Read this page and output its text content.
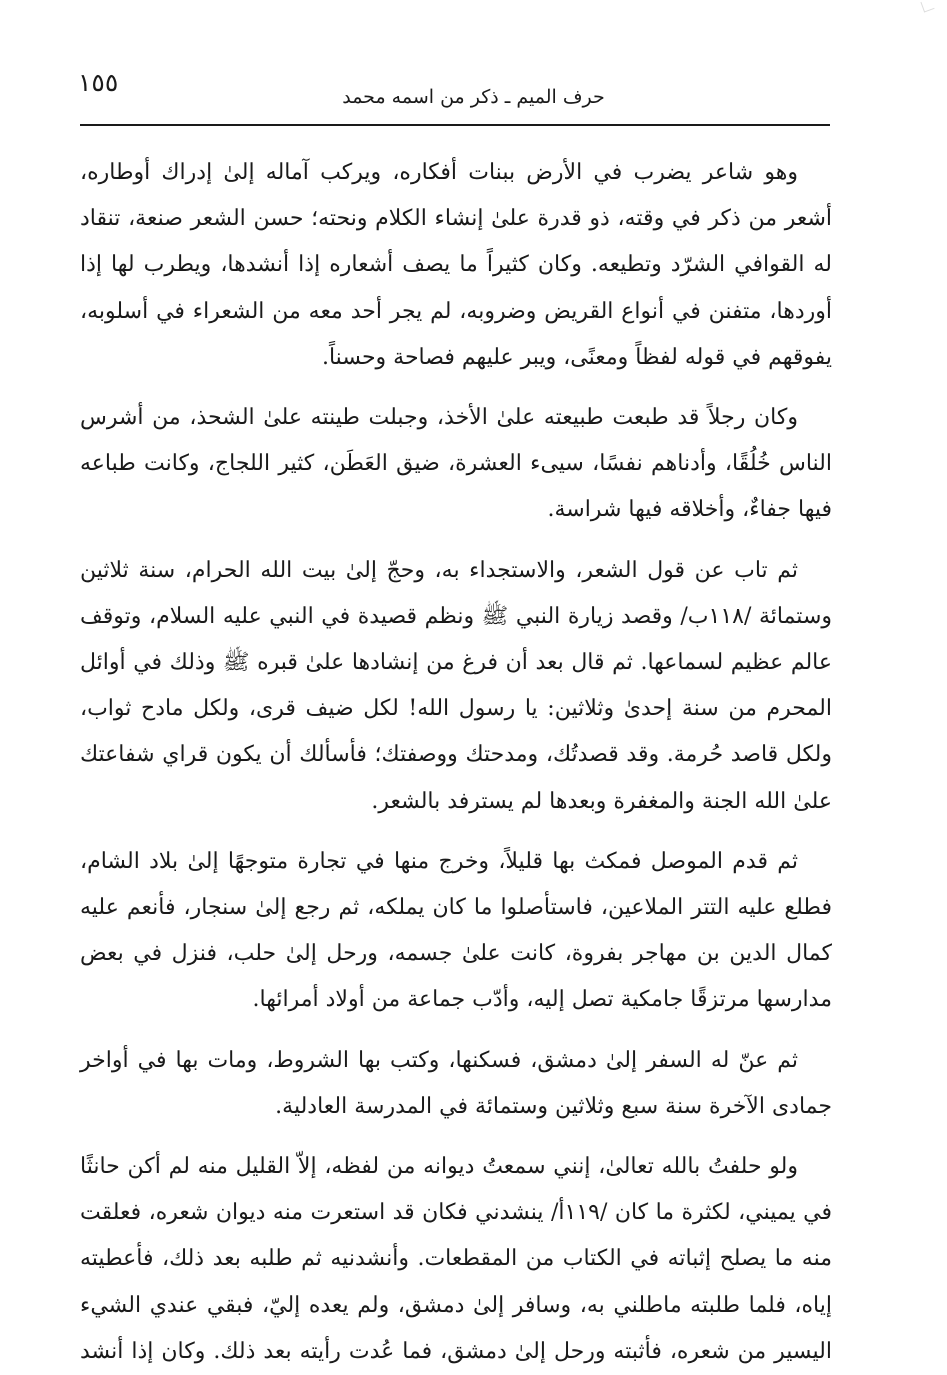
١٥٥	حرف الميم ـ ذكر من اسمه محمد

وهو شاعر يضرب في الأرض ببنات أفكاره، ويركب آماله إلىٰ إدراك أوطاره، أشعر من ذكر في وقته، ذو قدرة علىٰ إنشاء الكلام ونحته؛ حسن الشعر صنعة، تنقاد له القوافي الشرّد وتطيعه. وكان كثيراً ما يصف أشعاره إذا أنشدها، ويطرب لها إذا أوردها، متفنن في أنواع القريض وضروبه، لم يجر أحد معه من الشعراء في أسلوبه، يفوقهم في قوله لفظاً ومعنًى، ويبر عليهم فصاحة وحسناً.

وكان رجلاً قد طبعت طبيعته علىٰ الأخذ، وجبلت طينته علىٰ الشحذ، من أشرس الناس خُلُقًا، وأدناهم نفسًا، سيىء العشرة، ضيق العَطَن، كثير اللجاج، وكانت طباعه فيها جفاءٌ، وأخلاقه فيها شراسة.

ثم تاب عن قول الشعر، والاستجداء به، وحجّ إلىٰ بيت الله الحرام، سنة ثلاثين وستمائة /١١٨ب/ وقصد زيارة النبي ﷺ ونظم قصيدة في النبي عليه السلام، وتوقف عالم عظيم لسماعها. ثم قال بعد أن فرغ من إنشادها علىٰ قبره ﷺ وذلك في أوائل المحرم من سنة إحدىٰ وثلاثين: يا رسول الله! لكل ضيف قرى، ولكل مادح ثواب، ولكل قاصد حُرمة. وقد قصدتُك، ومدحتك ووصفتك؛ فأسألك أن يكون قراي شفاعتك علىٰ الله الجنة والمغفرة وبعدها لم يسترفد بالشعر.

ثم قدم الموصل فمكث بها قليلاً، وخرج منها في تجارة متوجهًا إلىٰ بلاد الشام، فطلع عليه التتر الملاعين، فاستأصلوا ما كان يملكه، ثم رجع إلىٰ سنجار، فأنعم عليه كمال الدين بن مهاجر بفروة، كانت علىٰ جسمه، ورحل إلىٰ حلب، فنزل في بعض مدارسها مرتزقًا جامكية تصل إليه، وأدّب جماعة من أولاد أمرائها.

ثم عنّ له السفر إلىٰ دمشق، فسكنها، وكتب بها الشروط، ومات بها في أواخر جمادى الآخرة سنة سبع وثلاثين وستمائة في المدرسة العادلية.

ولو حلفتُ بالله تعالىٰ، إنني سمعتُ ديوانه من لفظه، إلاّ القليل منه لم أكن حانثًا في يميني، لكثرة ما كان /١١٩أ/ ينشدني فكان قد استعرت منه ديوان شعره، فعلقت منه ما يصلح إثباته في الكتاب من المقطعات. وأنشدنيه ثم طلبه بعد ذلك، فأعطيته إياه، فلما طلبته ماطلني به، وسافر إلىٰ دمشق، ولم يعده إليّ، فبقي عندي الشيء اليسير من شعره، فأثبته ورحل إلىٰ دمشق، فما عُدت رأيته بعد ذلك. وكان إذا أنشد
